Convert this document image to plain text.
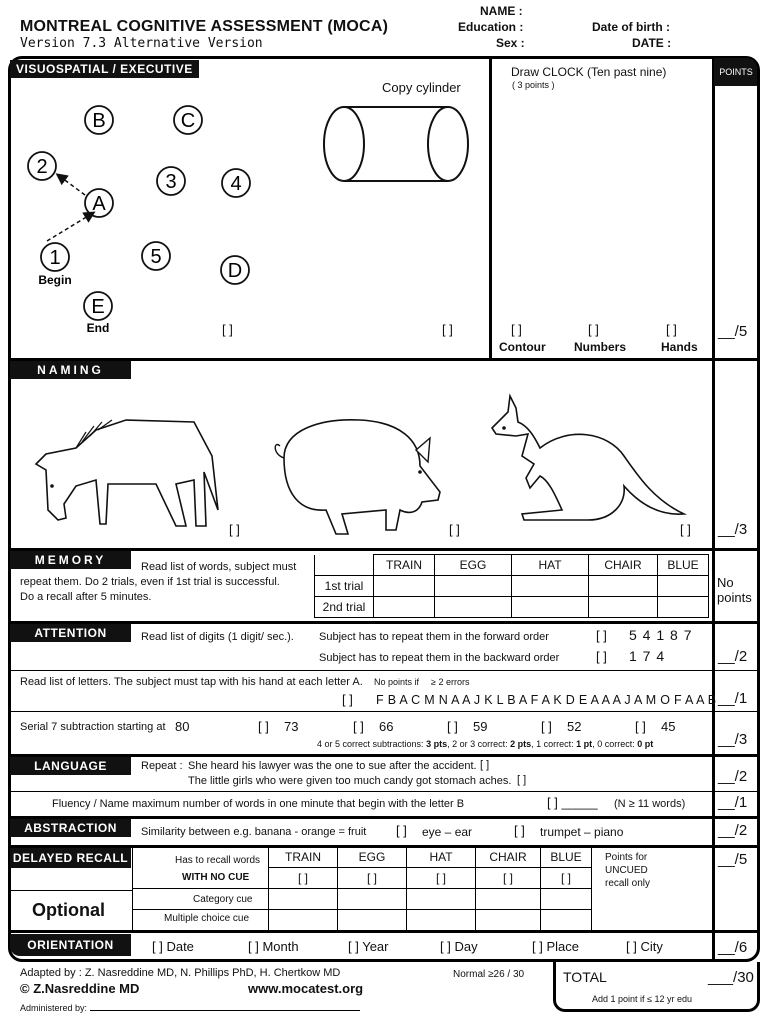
MONTREAL COGNITIVE ASSESSMENT (MOCA)
Version 7.3 Alternative Version
NAME :
Education :
Sex :
Date of birth :
DATE :
POINTS
VISUOSPATIAL / EXECUTIVE
B	C
2
3	4
A
1	5
D
E
Begin
End	[ ]
Copy cylinder
[ ]
Draw CLOCK (Ten past nine)
( 3 points )
[ ]	[ ]	[ ]
Contour Numbers	Hands
__/5
NAMING
[ ]	[ ]	[ ] __/3
MEMORY	Read list of words, subject must
repeat them. Do 2 trials, even if 1st trial is successful.
Do a recall after 5 minutes.
	TRAIN	EGG	HAT	CHAIR	BLUE
1st trial					
2nd trial					
No points
ATTENTION	Read list of digits (1 digit/ sec.). Subject has to repeat them in the forward order	[ ] 5 4 1 8 7
Subject has to repeat them in the backward order	[ ] 1 7 4	__/2
Read list of letters. The subject must tap with his hand at each letter A. No points if ≥ 2 errors
[ ] F B A C M N A A J K L B A F A K D E A A A J A M O F A A B __/1
Serial 7 subtraction starting at 80	[ ] 73	[ ] 66	[ ] 59	[ ] 52	[ ] 45
4 or 5 correct subtractions: 3 pts, 2 or 3 correct: 2 pts, 1 correct: 1 pt, 0 correct: 0 pt	__/3
LANGUAGE	Repeat : She heard his lawyer was the one to sue after the accident. [ ]
The little girls who were given too much candy got stomach aches. [ ]	__/2
Fluency / Name maximum number of words in one minute that begin with the letter B	[ ] _____ (N ≥ 11 words) __/1
ABSTRACTION	Similarity between e.g. banana - orange = fruit [ ] eye – ear	[ ] trumpet – piano	__/2
DELAYED RECALL	Has to recall words
WITH NO CUE
TRAIN	EGG	HAT	CHAIR	BLUE
[ ]	[ ]	[ ]	[ ]	[ ]

Category cue
Multiple choice cue
Optional
Points for
UNCUED
recall only
__/5
ORIENTATION	[ ] Date	[ ] Month	[ ] Year	[ ] Day	[ ] Place	[ ] City	__/6
Adapted by : Z. Nasreddine MD, N. Phillips PhD, H. Chertkow MD
© Z.Nasreddine MD	www.mocatest.org
Administered by:
Normal ≥26 / 30	TOTAL	___/30
Add 1 point if ≤ 12 yr edu
